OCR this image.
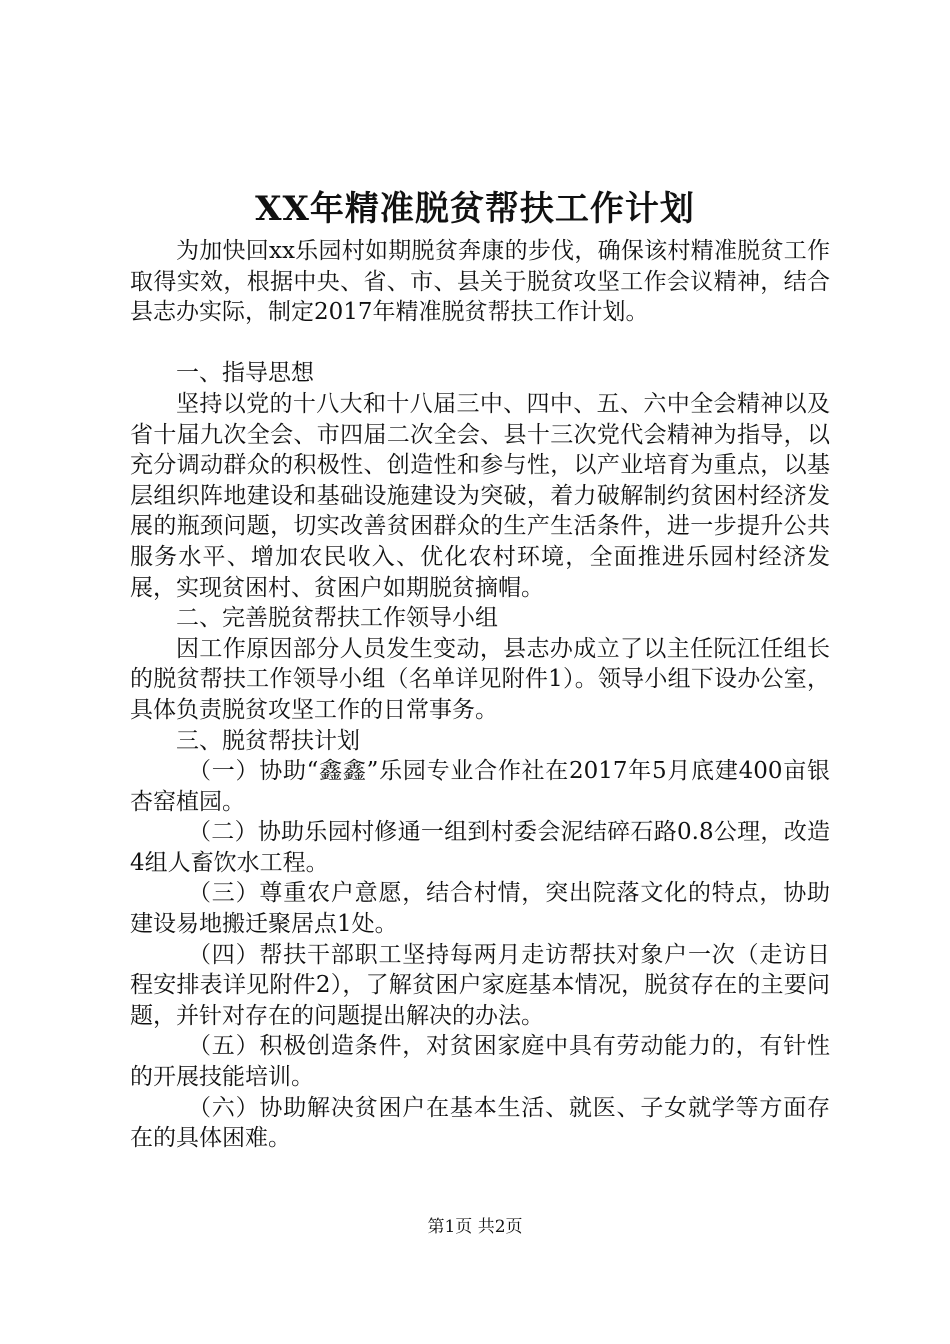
XX年精准脱贫帮扶工作计划

为加快回xx乐园村如期脱贫奔康的步伐，确保该村精准脱贫工作取得实效，根据中央、省、市、县关于脱贫攻坚工作会议精神，结合县志办实际，制定2017年精准脱贫帮扶工作计划。

一、指导思想

坚持以党的十八大和十八届三中、四中、五、六中全会精神以及省十届九次全会、市四届二次全会、县十三次党代会精神为指导，以充分调动群众的积极性、创造性和参与性，以产业培育为重点，以基层组织阵地建设和基础设施建设为突破，着力破解制约贫困村经济发展的瓶颈问题，切实改善贫困群众的生产生活条件，进一步提升公共服务水平、增加农民收入、优化农村环境，全面推进乐园村经济发展，实现贫困村、贫困户如期脱贫摘帽。

二、完善脱贫帮扶工作领导小组

因工作原因部分人员发生变动，县志办成立了以主任阮江任组长的脱贫帮扶工作领导小组（名单详见附件1）。领导小组下设办公室，具体负责脱贫攻坚工作的日常事务。

三、脱贫帮扶计划

（一）协助“鑫鑫”乐园专业合作社在2017年5月底建400亩银杏窑植园。

（二）协助乐园村修通一组到村委会泥结碎石路0.8公理，改造4组人畜饮水工程。

（三）尊重农户意愿，结合村情，突出院落文化的特点，协助建设易地搬迁聚居点1处。

（四）帮扶干部职工坚持每两月走访帮扶对象户一次（走访日程安排表详见附件2），了解贫困户家庭基本情况，脱贫存在的主要问题，并针对存在的问题提出解决的办法。

（五）积极创造条件，对贫困家庭中具有劳动能力的，有针性的开展技能培训。

（六）协助解决贫困户在基本生活、就医、子女就学等方面存在的具体困难。

第1页 共2页
